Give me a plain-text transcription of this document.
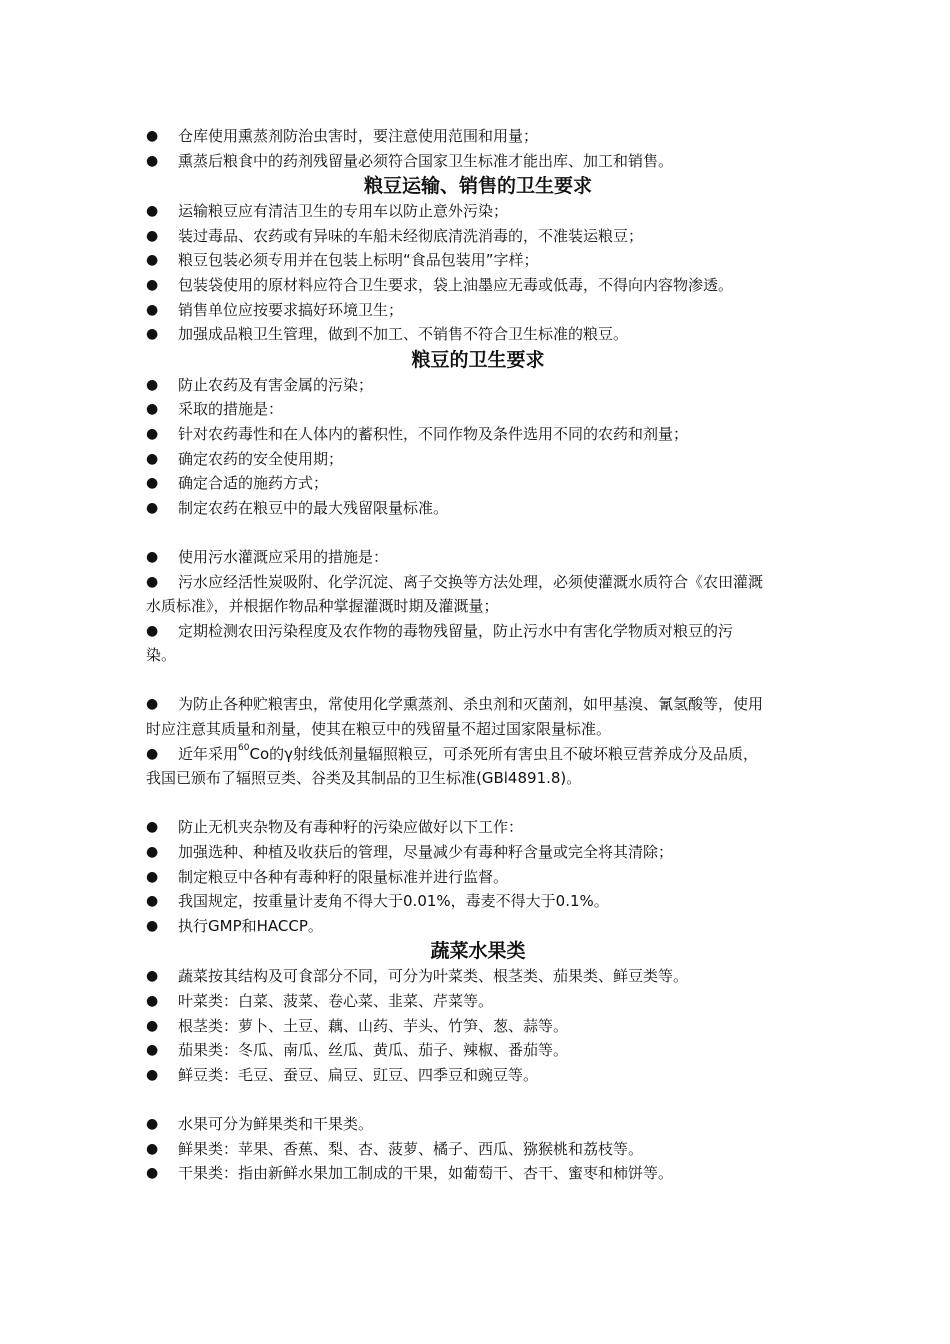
●	仓库使用熏蒸剂防治虫害时，要注意使用范围和用量；
●	熏蒸后粮食中的药剂残留量必须符合国家卫生标准才能出库、加工和销售。
粮豆运输、销售的卫生要求
●	运输粮豆应有清洁卫生的专用车以防止意外污染；
●	装过毒品、农药或有异味的车船未经彻底清洗消毒的，不准装运粮豆；
●	粮豆包装必须专用并在包装上标明“食品包装用”字样；
●	包装袋使用的原材料应符合卫生要求，袋上油墨应无毒或低毒，不得向内容物渗透。
●	销售单位应按要求搞好环境卫生；
●	加强成品粮卫生管理，做到不加工、不销售不符合卫生标准的粮豆。
粮豆的卫生要求
●	防止农药及有害金属的污染；
●	采取的措施是：
●	针对农药毒性和在人体内的蓄积性，不同作物及条件选用不同的农药和剂量；
●	确定农药的安全使用期；
●	确定合适的施药方式；
●	制定农药在粮豆中的最大残留限量标准。
●	使用污水灌溉应采用的措施是：
●	污水应经活性炭吸附、化学沉淀、离子交换等方法处理，必须使灌溉水质符合《农田灌溉
水质标准》，并根据作物品种掌握灌溉时期及灌溉量；
●	定期检测农田污染程度及农作物的毒物残留量，防止污水中有害化学物质对粮豆的污
染。
●	为防止各种贮粮害虫，常使用化学熏蒸剂、杀虫剂和灭菌剂，如甲基溴、氰氢酸等，使用
时应注意其质量和剂量，使其在粮豆中的残留量不超过国家限量标准。
●	近年采用$^{60}$Co的γ射线低剂量辐照粮豆，可杀死所有害虫且不破坏粮豆营养成分及品质，
我国已颁布了辐照豆类、谷类及其制品的卫生标准(GBl4891.8)。
●	防止无机夹杂物及有毒种籽的污染应做好以下工作：
●	加强选种、种植及收获后的管理，尽量减少有毒种籽含量或完全将其清除；
●	制定粮豆中各种有毒种籽的限量标准并进行监督。
●	我国规定，按重量计麦角不得大于0.01%，毒麦不得大于0.1%。
●	执行GMP和HACCP。
蔬菜水果类
●	蔬菜按其结构及可食部分不同，可分为叶菜类、根茎类、茄果类、鲜豆类等。
●	叶菜类：白菜、菠菜、卷心菜、韭菜、芹菜等。
●	根茎类：萝卜、土豆、藕、山药、芋头、竹笋、葱、蒜等。
●	茄果类：冬瓜、南瓜、丝瓜、黄瓜、茄子、辣椒、番茄等。
●	鲜豆类：毛豆、蚕豆、扁豆、豇豆、四季豆和豌豆等。
●	水果可分为鲜果类和干果类。
●	鲜果类：苹果、香蕉、梨、杏、菠萝、橘子、西瓜、猕猴桃和荔枝等。
●	干果类：指由新鲜水果加工制成的干果，如葡萄干、杏干、蜜枣和柿饼等。
